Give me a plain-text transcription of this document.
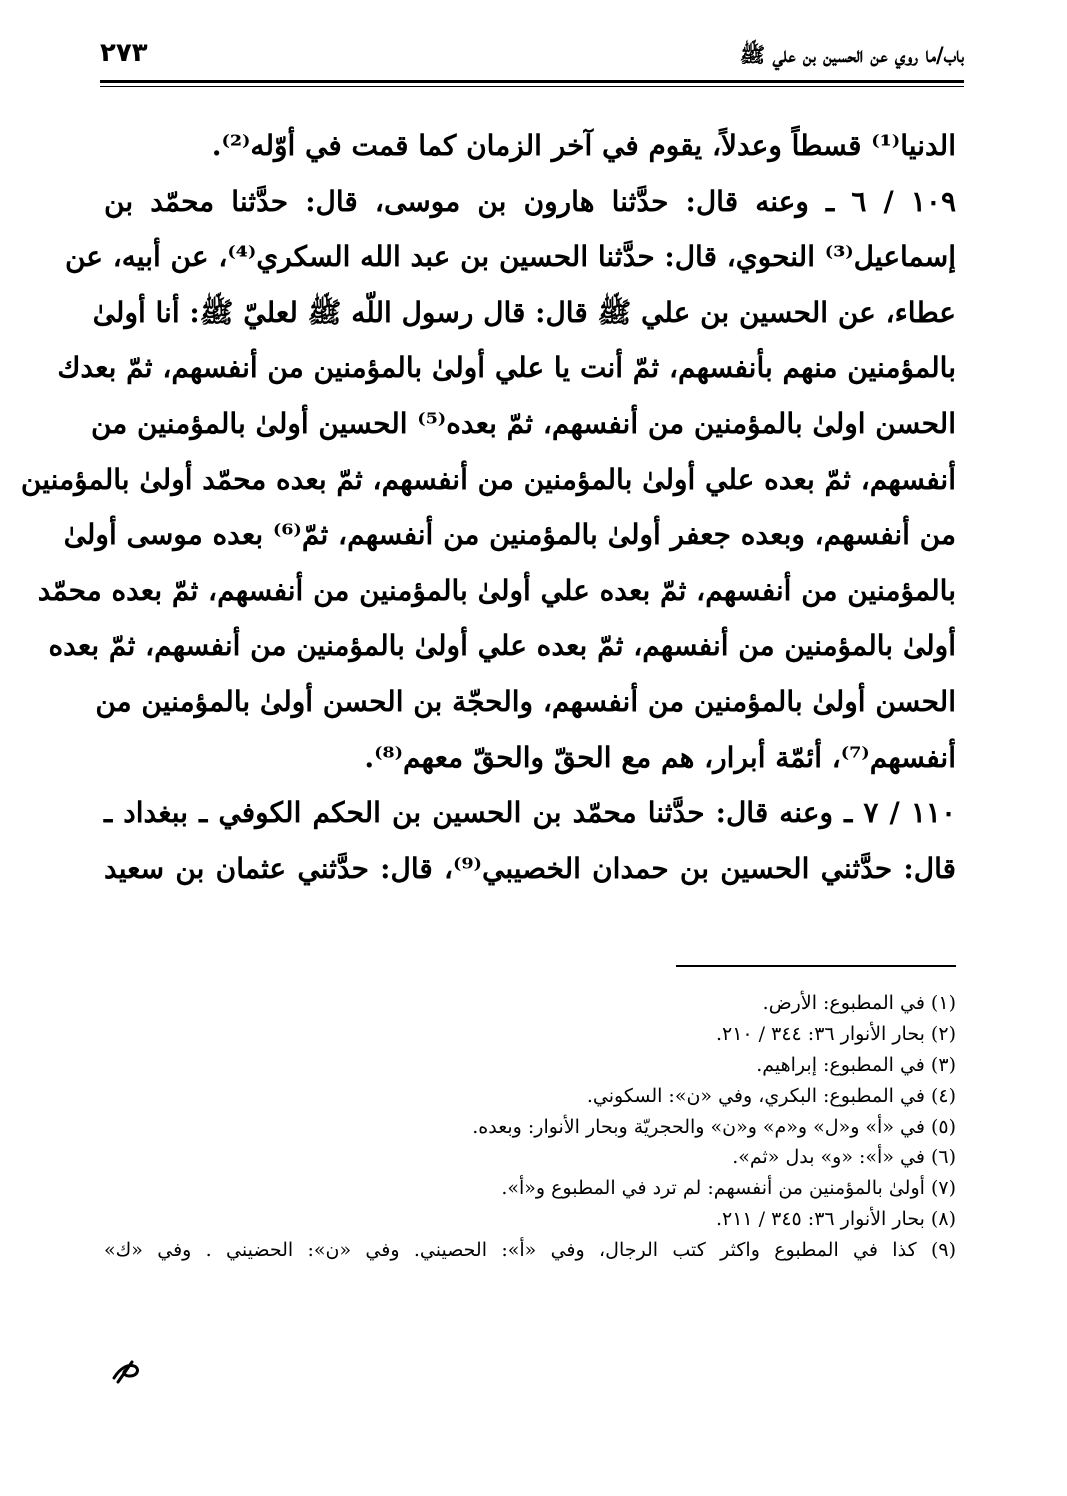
٢٧٣	باب/ما روي عن الحسين بن علي ﷺ
الدنيا⁽¹⁾ قسطاً وعدلاً، يقوم في آخر الزمان كما قمت في أوّله⁽²⁾.
١٠٩ / ٦ ـ وعنه قال: حدَّثنا هارون بن موسى، قال: حدَّثنا محمّد بن
إسماعيل⁽³⁾ النحوي، قال: حدَّثنا الحسين بن عبد الله السكري⁽⁴⁾، عن أبيه، عن
عطاء، عن الحسين بن علي ﷺ قال: قال رسول اللّه ﷺ لعليّ ﷺ: أنا أولىٰ
بالمؤمنين منهم بأنفسهم، ثمّ أنت يا علي أولىٰ بالمؤمنين من أنفسهم، ثمّ بعدك
الحسن اولىٰ بالمؤمنين من أنفسهم، ثمّ بعده⁽⁵⁾ الحسين أولىٰ بالمؤمنين من
أنفسهم، ثمّ بعده علي أولىٰ بالمؤمنين من أنفسهم، ثمّ بعده محمّد أولىٰ بالمؤمنين
من أنفسهم، وبعده جعفر أولىٰ بالمؤمنين من أنفسهم، ثمّ⁽⁶⁾ بعده موسى أولىٰ
بالمؤمنين من أنفسهم، ثمّ بعده علي أولىٰ بالمؤمنين من أنفسهم، ثمّ بعده محمّد
أولىٰ بالمؤمنين من أنفسهم، ثمّ بعده علي أولىٰ بالمؤمنين من أنفسهم، ثمّ بعده
الحسن أولىٰ بالمؤمنين من أنفسهم، والحجّة بن الحسن أولىٰ بالمؤمنين من
أنفسهم⁽⁷⁾، أئمّة أبرار، هم مع الحقّ والحقّ معهم⁽⁸⁾.
١١٠ / ٧ ـ وعنه قال: حدَّثنا محمّد بن الحسين بن الحكم الكوفي ـ ببغداد ـ
قال: حدَّثني الحسين بن حمدان الخصيبي⁽⁹⁾، قال: حدَّثني عثمان بن سعيد
(١) في المطبوع: الأرض.
(٢) بحار الأنوار ٣٦: ٣٤٤ / ٢١٠.
(٣) في المطبوع: إبراهيم.
(٤) في المطبوع: البكري، وفي «ن»: السكوني.
(٥) في «أ» و«ل» و«م» و«ن» والحجريّة وبحار الأنوار: وبعده.
(٦) في «أ»: «و» بدل «ثم».
(٧) أولىٰ بالمؤمنين من أنفسهم: لم ترد في المطبوع و«أ».
(٨) بحار الأنوار ٣٦: ٣٤٥ / ٢١١.
(٩) كذا في المطبوع واكثر كتب الرجال، وفي «أ»: الحصيني. وفي «ن»: الحضيني . وفي «ك»
